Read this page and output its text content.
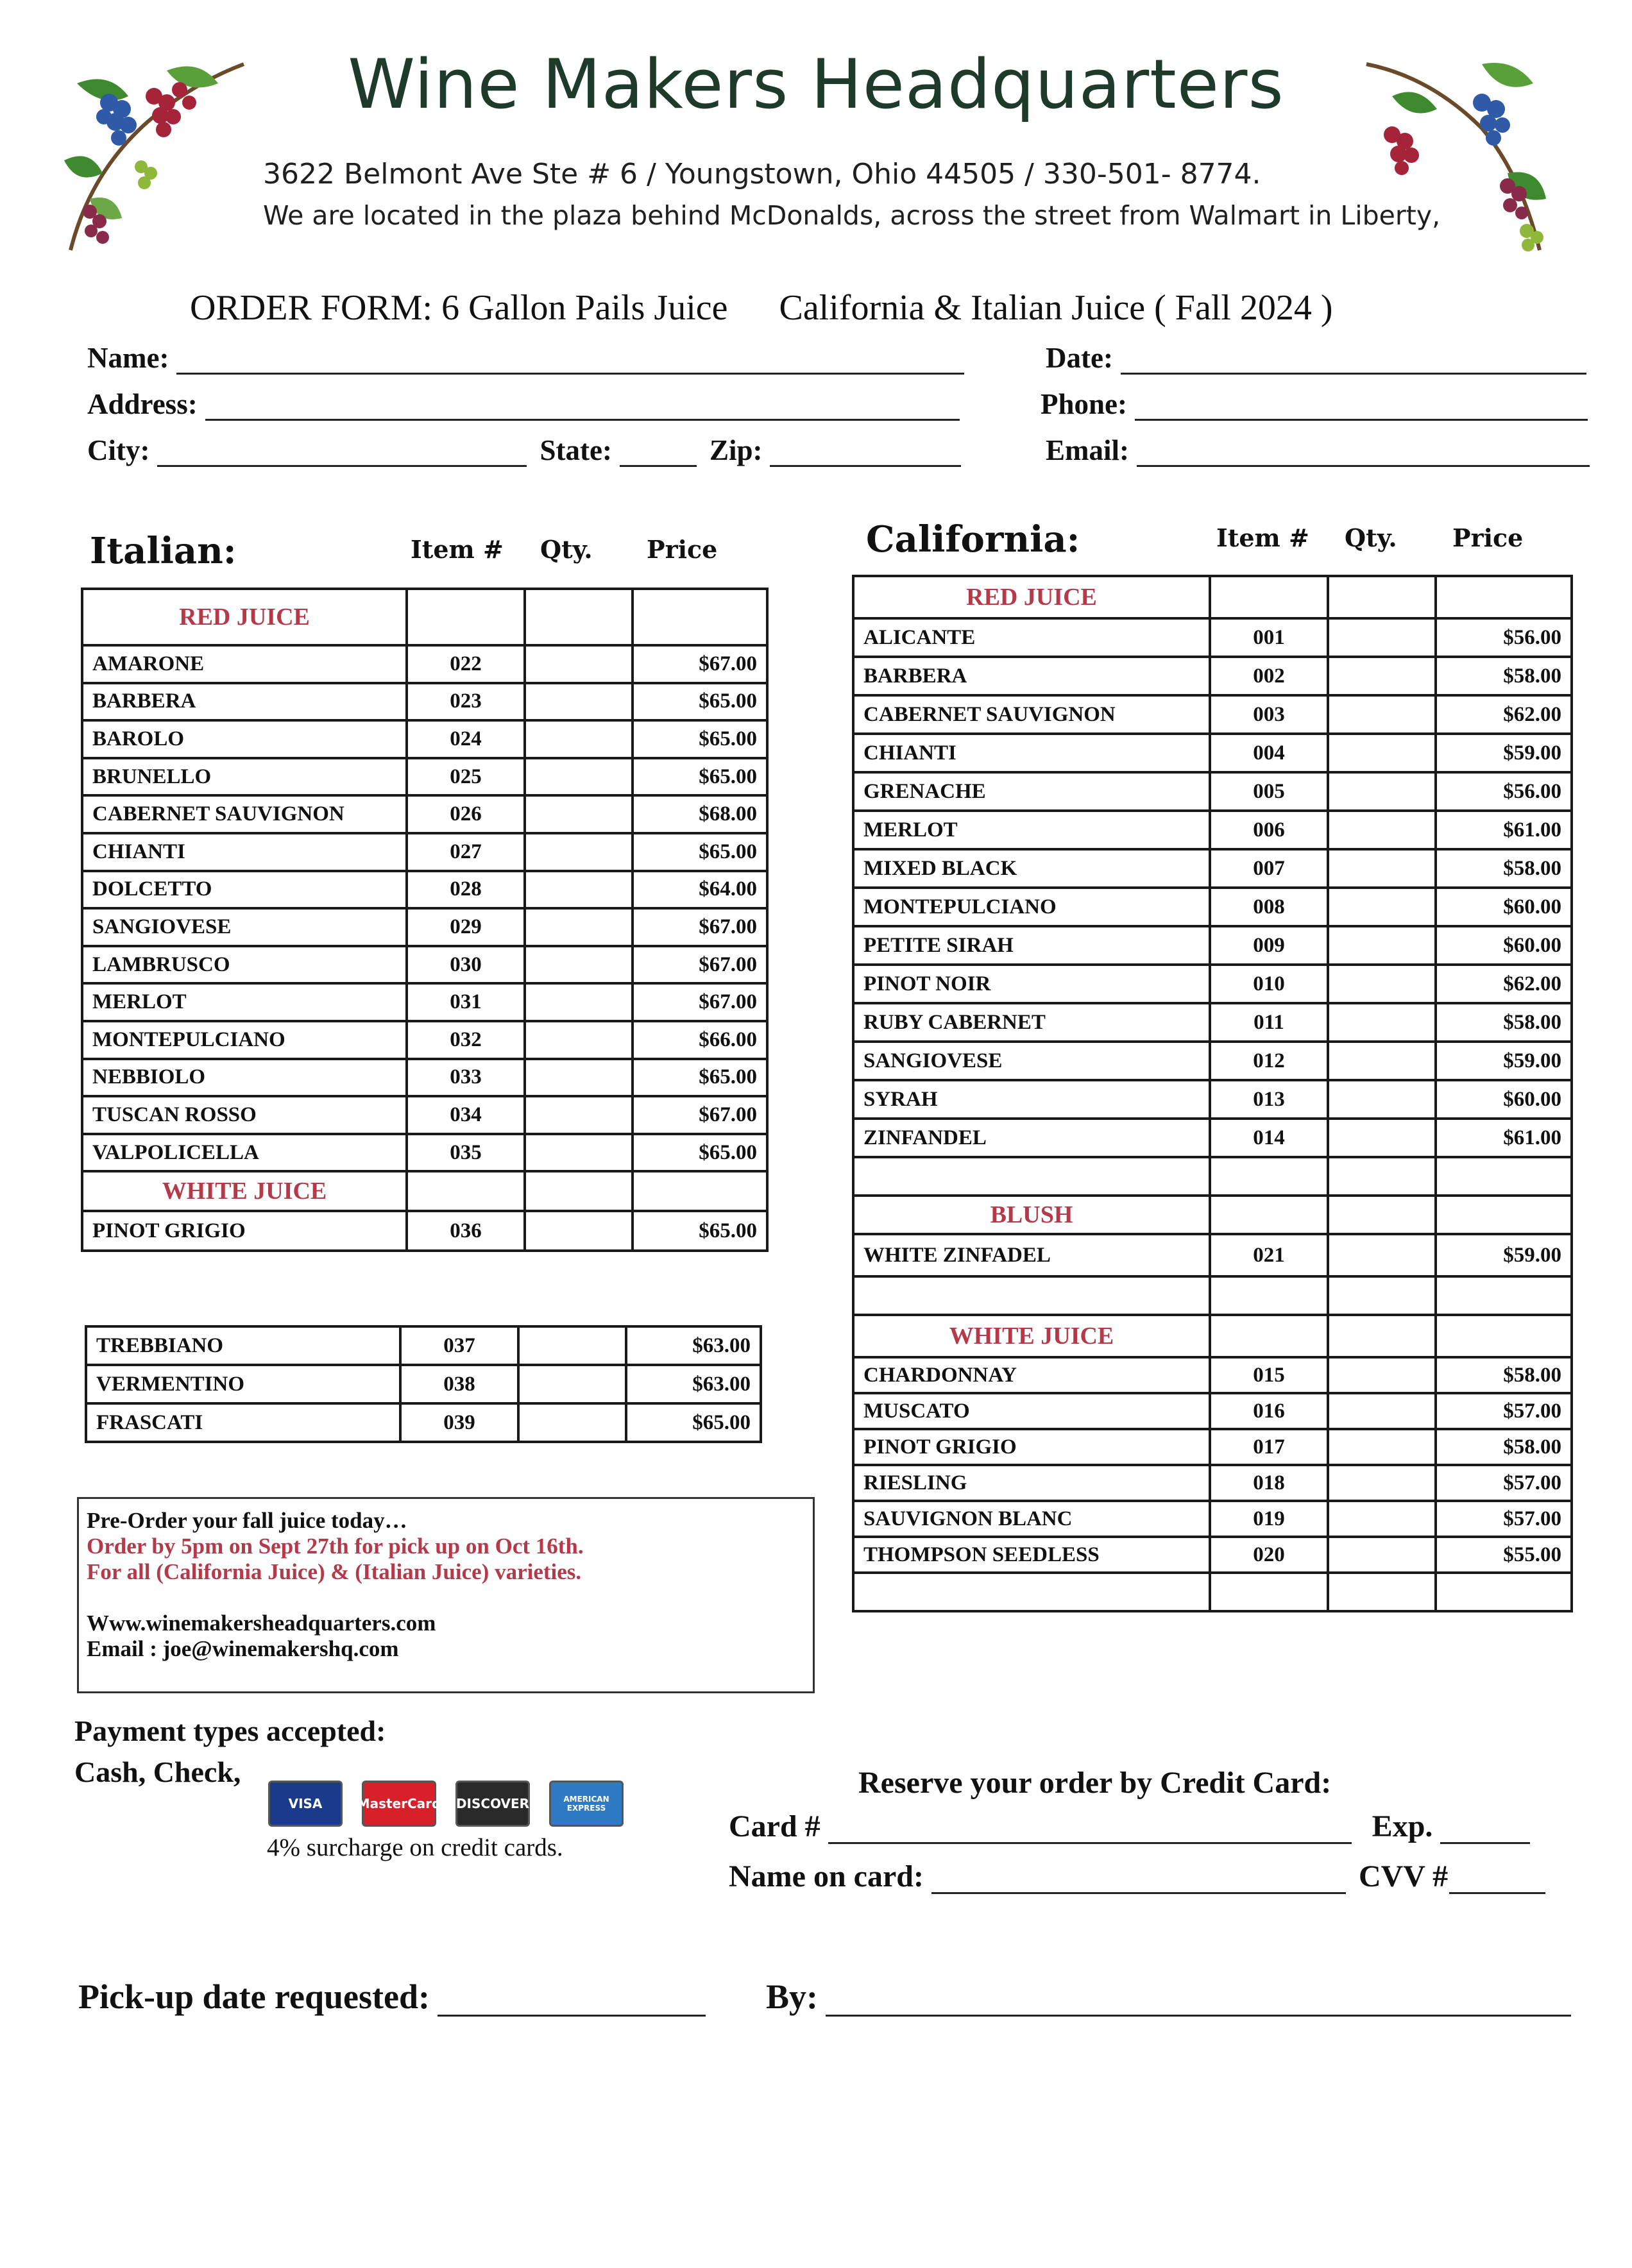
Wine Makers Headquarters
3622 Belmont Ave Ste # 6 / Youngstown, Ohio 44505 / 330-501- 8774.
We are located in the plaza behind McDonalds, across the street from Walmart in Liberty,
ORDER FORM: 6 Gallon Pails Juice California & Italian Juice ( Fall 2024 )
Name:
Address:
City:	State:	Zip:
Date:
Phone:
Email:
Italian:	Item # Qty. Price	California:	Item # Qty. Price
RED JUICE			
AMARONE	022		$67.00
BARBERA	023		$65.00
BAROLO	024		$65.00
BRUNELLO	025		$65.00
CABERNET SAUVIGNON	026		$68.00
CHIANTI	027		$65.00
DOLCETTO	028		$64.00
SANGIOVESE	029		$67.00
LAMBRUSCO	030		$67.00
MERLOT	031		$67.00
MONTEPULCIANO	032		$66.00
NEBBIOLO	033		$65.00
TUSCAN ROSSO	034		$67.00
VALPOLICELLA	035		$65.00
WHITE JUICE			
PINOT GRIGIO	036		$65.00
TREBBIANO	037		$63.00
VERMENTINO	038		$63.00
FRASCATI	039		$65.00
RED JUICE			
ALICANTE	001		$56.00
BARBERA	002		$58.00
CABERNET SAUVIGNON	003		$62.00
CHIANTI	004		$59.00
GRENACHE	005		$56.00
MERLOT	006		$61.00
MIXED BLACK	007		$58.00
MONTEPULCIANO	008		$60.00
PETITE SIRAH	009		$60.00
PINOT NOIR	010		$62.00
RUBY CABERNET	011		$58.00
SANGIOVESE	012		$59.00
SYRAH	013		$60.00
ZINFANDEL	014		$61.00

BLUSH			
WHITE ZINFADEL	021		$59.00

WHITE JUICE			
CHARDONNAY	015		$58.00
MUSCATO	016		$57.00
PINOT GRIGIO	017		$58.00
RIESLING	018		$57.00
SAUVIGNON BLANC	019		$57.00
THOMPSON SEEDLESS	020		$55.00

Pre-Order your fall juice today…
Order by 5pm on Sept 27th for pick up on Oct 16th.
For all (California Juice) & (Italian Juice) varieties.
Www.winemakersheadquarters.com
Email : joe@winemakershq.com
Payment types accepted:
Cash, Check,
VISA	MasterCard DISCOVER	AMERICAN EXPRESS
4% surcharge on credit cards.
Reserve your order by Credit Card:
Card #	Exp.
Name on card:	CVV #
Pick-up date requested:	By:
